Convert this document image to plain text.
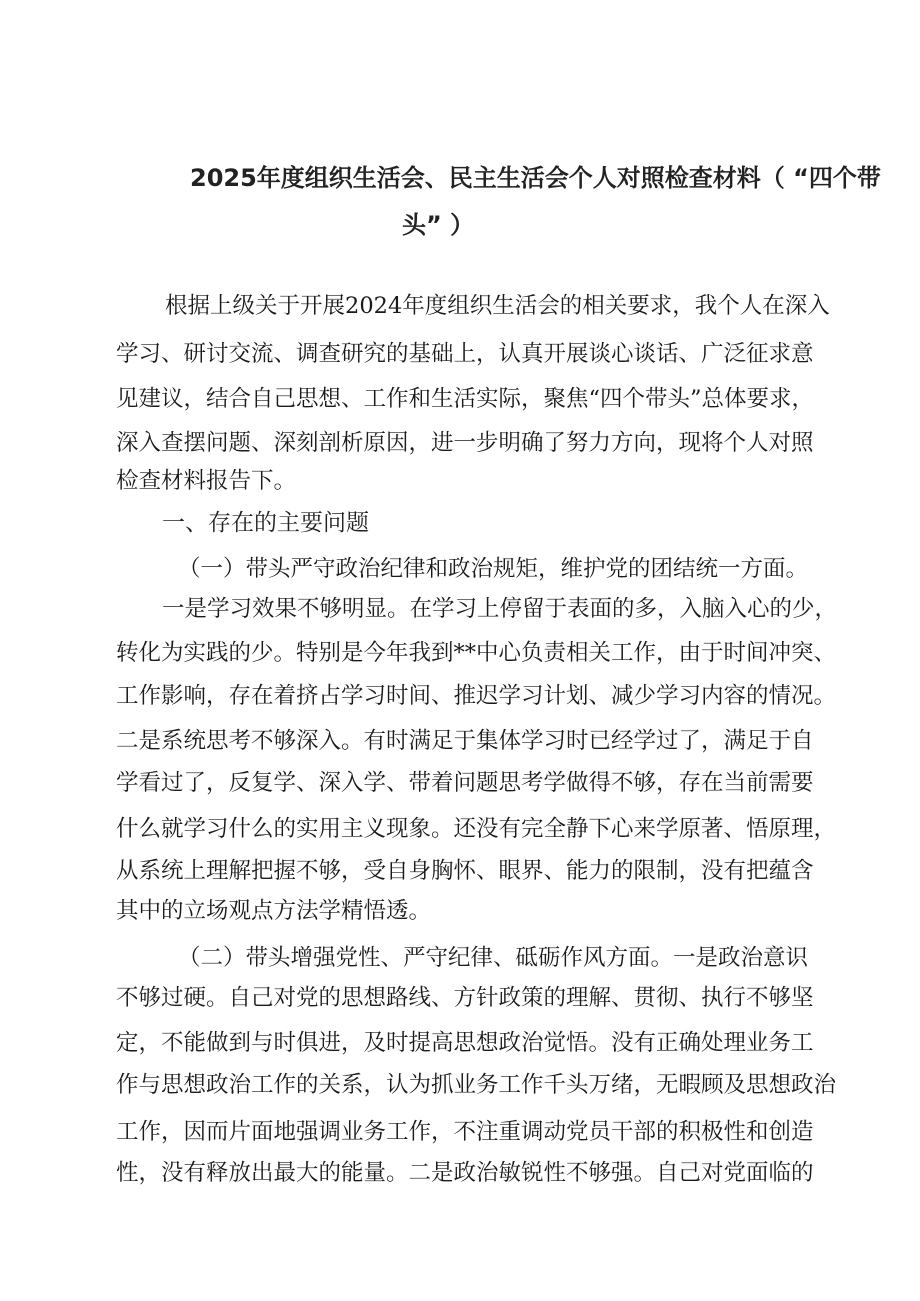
2025年度组织生活会、民主生活会个人对照检查材料（ “四个带
头” ）
根据上级关于开展2024年度组织生活会的相关要求，我个人在深入
学习、研讨交流、调查研究的基础上，认真开展谈心谈话、广泛征求意
见建议，结合自己思想、工作和生活实际，聚焦“四个带头”总体要求，
深入查摆问题、深刻剖析原因，进一步明确了努力方向，现将个人对照
检查材料报告下。
一、存在的主要问题
（一）带头严守政治纪律和政治规矩，维护党的团结统一方面。
一是学习效果不够明显。在学习上停留于表面的多，入脑入心的少，
转化为实践的少。特别是今年我到**中心负责相关工作，由于时间冲突、
工作影响，存在着挤占学习时间、推迟学习计划、减少学习内容的情况。
二是系统思考不够深入。有时满足于集体学习时已经学过了，满足于自
学看过了，反复学、深入学、带着问题思考学做得不够，存在当前需要
什么就学习什么的实用主义现象。还没有完全静下心来学原著、悟原理，
从系统上理解把握不够，受自身胸怀、眼界、能力的限制，没有把蕴含
其中的立场观点方法学精悟透。
（二）带头增强党性、严守纪律、砥砺作风方面。一是政治意识
不够过硬。自己对党的思想路线、方针政策的理解、贯彻、执行不够坚
定，不能做到与时俱进，及时提高思想政治觉悟。没有正确处理业务工
作与思想政治工作的关系，认为抓业务工作千头万绪，无暇顾及思想政治
工作，因而片面地强调业务工作，不注重调动党员干部的积极性和创造
性，没有释放出最大的能量。二是政治敏锐性不够强。自己对党面临的
